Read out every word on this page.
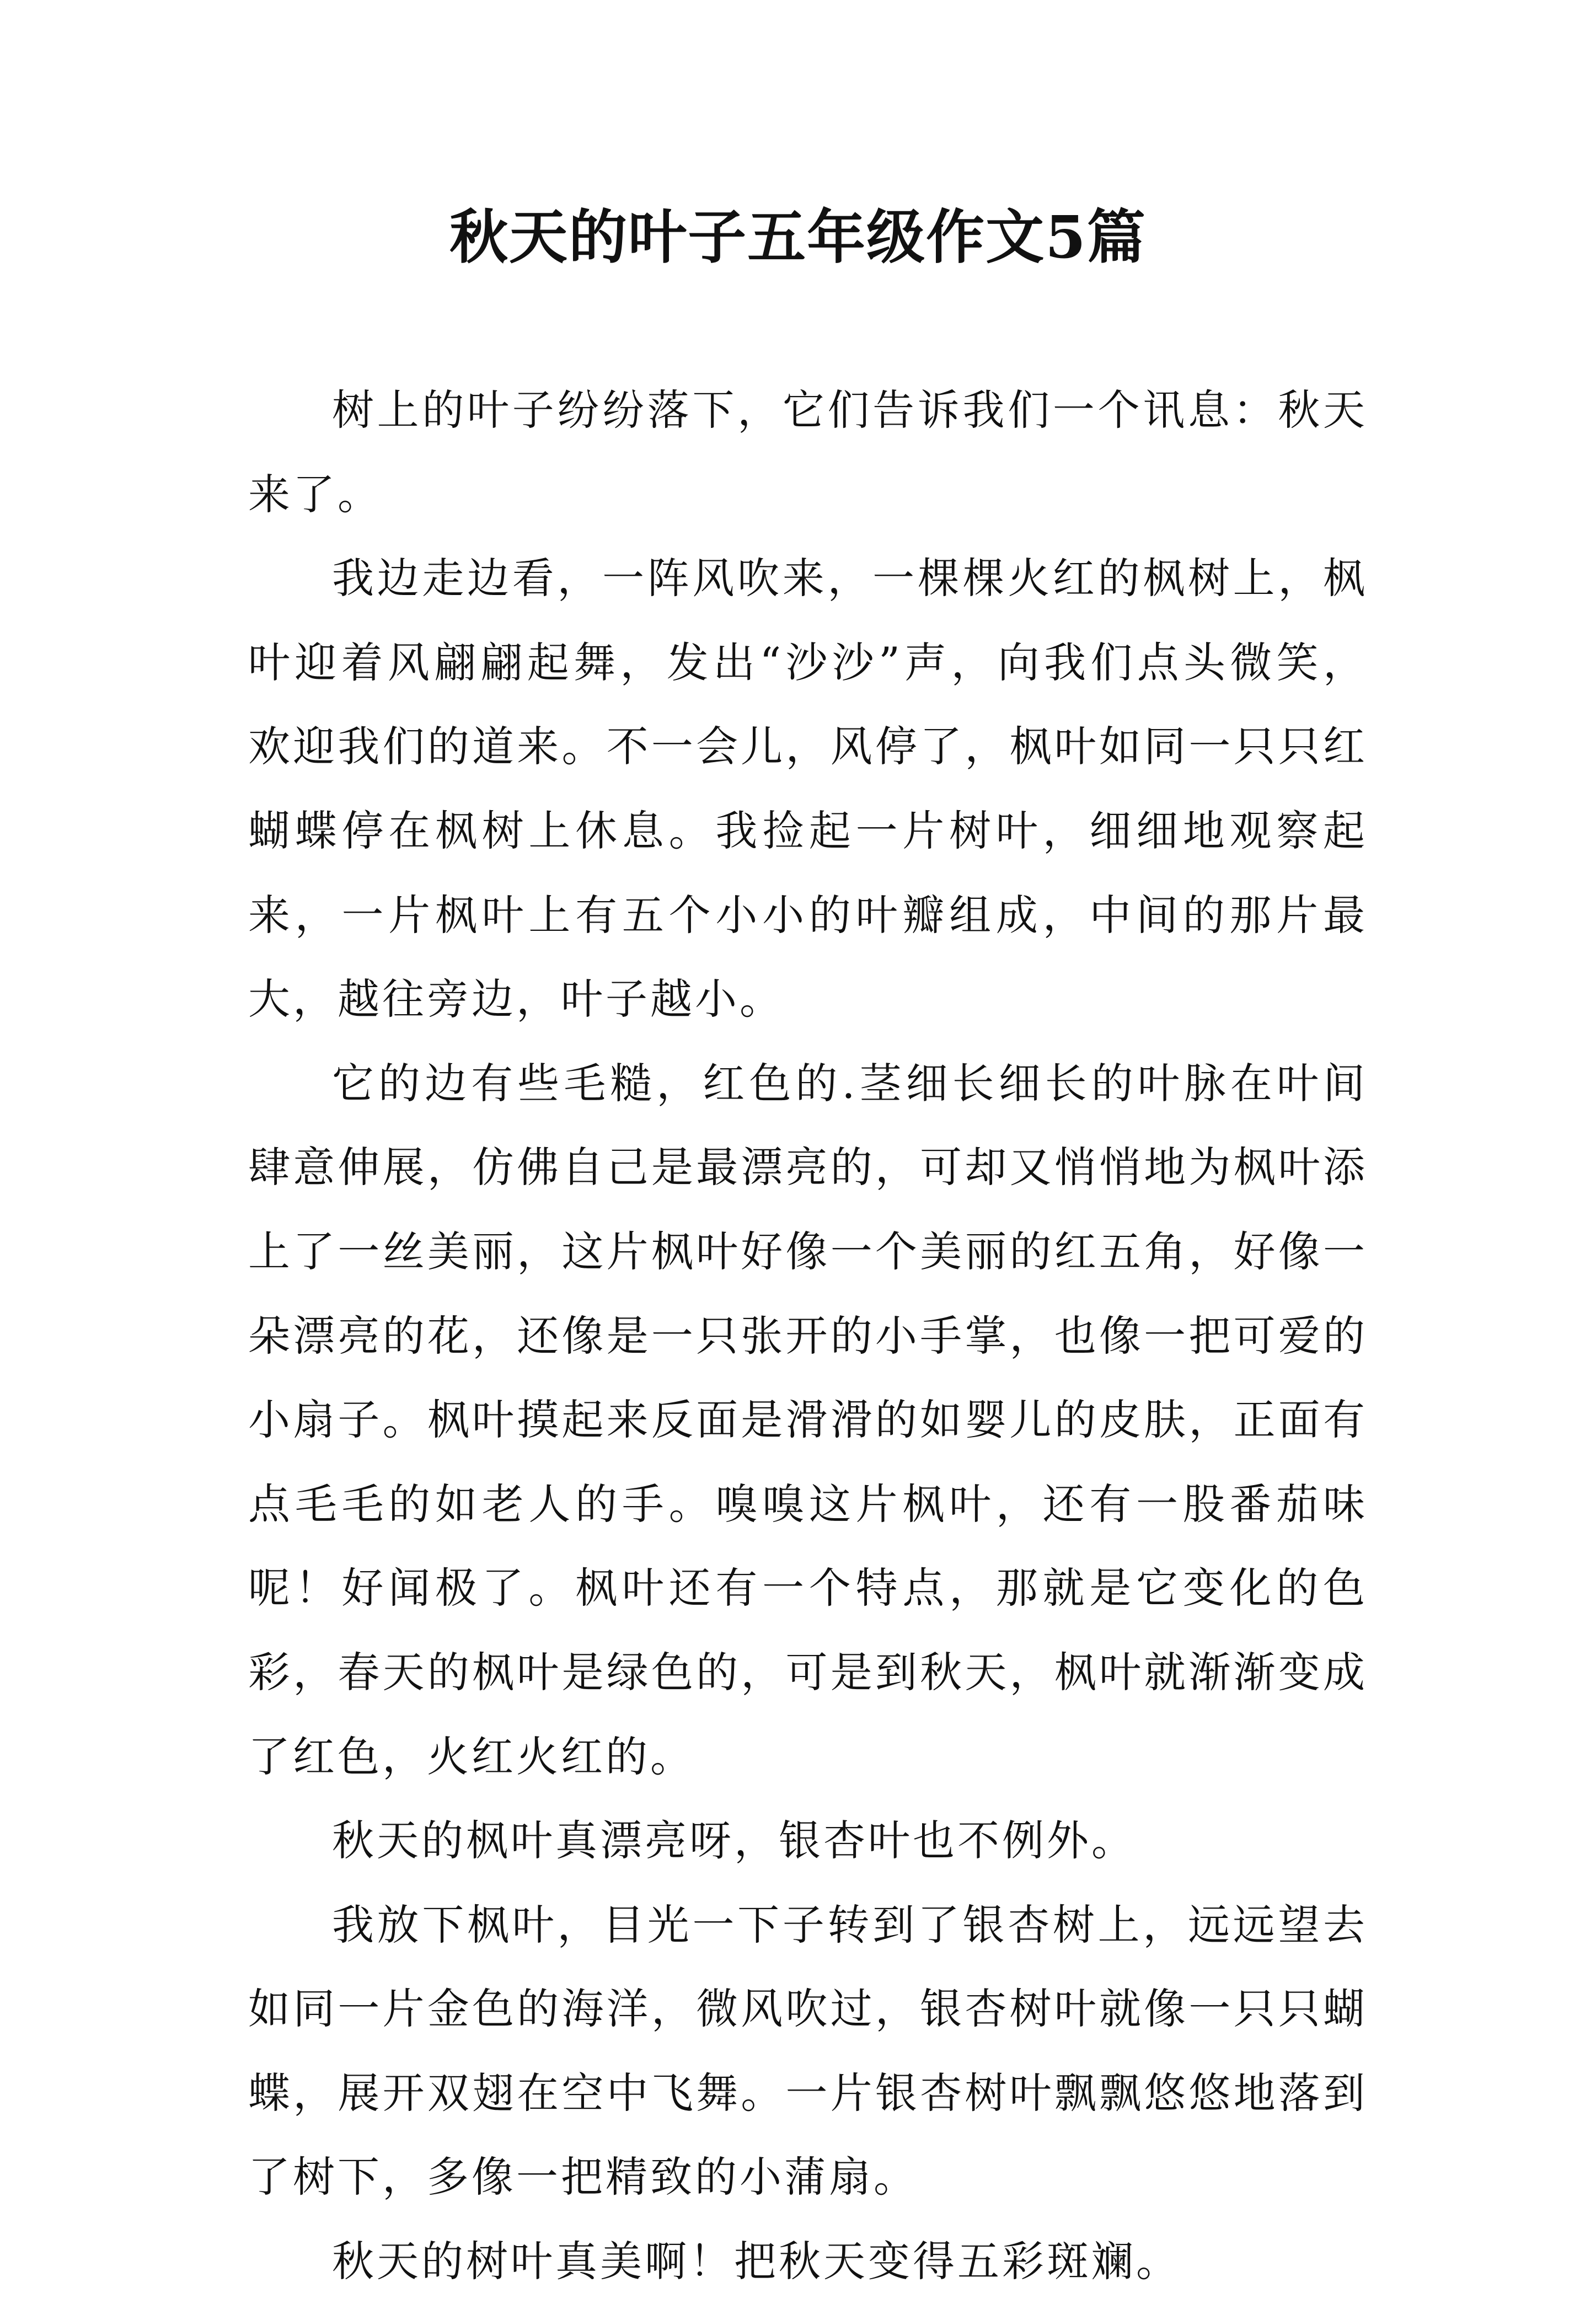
秋天的叶子五年级作文5篇

树上的叶子纷纷落下，它们告诉我们一个讯息：秋天来了。

我边走边看，一阵风吹来，一棵棵火红的枫树上，枫叶迎着风翩翩起舞，发出“沙沙”声，向我们点头微笑，欢迎我们的道来。不一会儿，风停了，枫叶如同一只只红蝴蝶停在枫树上休息。我捡起一片树叶，细细地观察起来，一片枫叶上有五个小小的叶瓣组成，中间的那片最大，越往旁边，叶子越小。

它的边有些毛糙，红色的.茎细长细长的叶脉在叶间肆意伸展，仿佛自己是最漂亮的，可却又悄悄地为枫叶添上了一丝美丽，这片枫叶好像一个美丽的红五角，好像一朵漂亮的花，还像是一只张开的小手掌，也像一把可爱的小扇子。枫叶摸起来反面是滑滑的如婴儿的皮肤，正面有点毛毛的如老人的手。嗅嗅这片枫叶，还有一股番茄味呢！好闻极了。枫叶还有一个特点，那就是它变化的色彩，春天的枫叶是绿色的，可是到秋天，枫叶就渐渐变成了红色，火红火红的。

秋天的枫叶真漂亮呀，银杏叶也不例外。

我放下枫叶，目光一下子转到了银杏树上，远远望去如同一片金色的海洋，微风吹过，银杏树叶就像一只只蝴蝶，展开双翅在空中飞舞。一片银杏树叶飘飘悠悠地落到了树下，多像一把精致的小蒲扇。

秋天的树叶真美啊！把秋天变得五彩斑斓。
